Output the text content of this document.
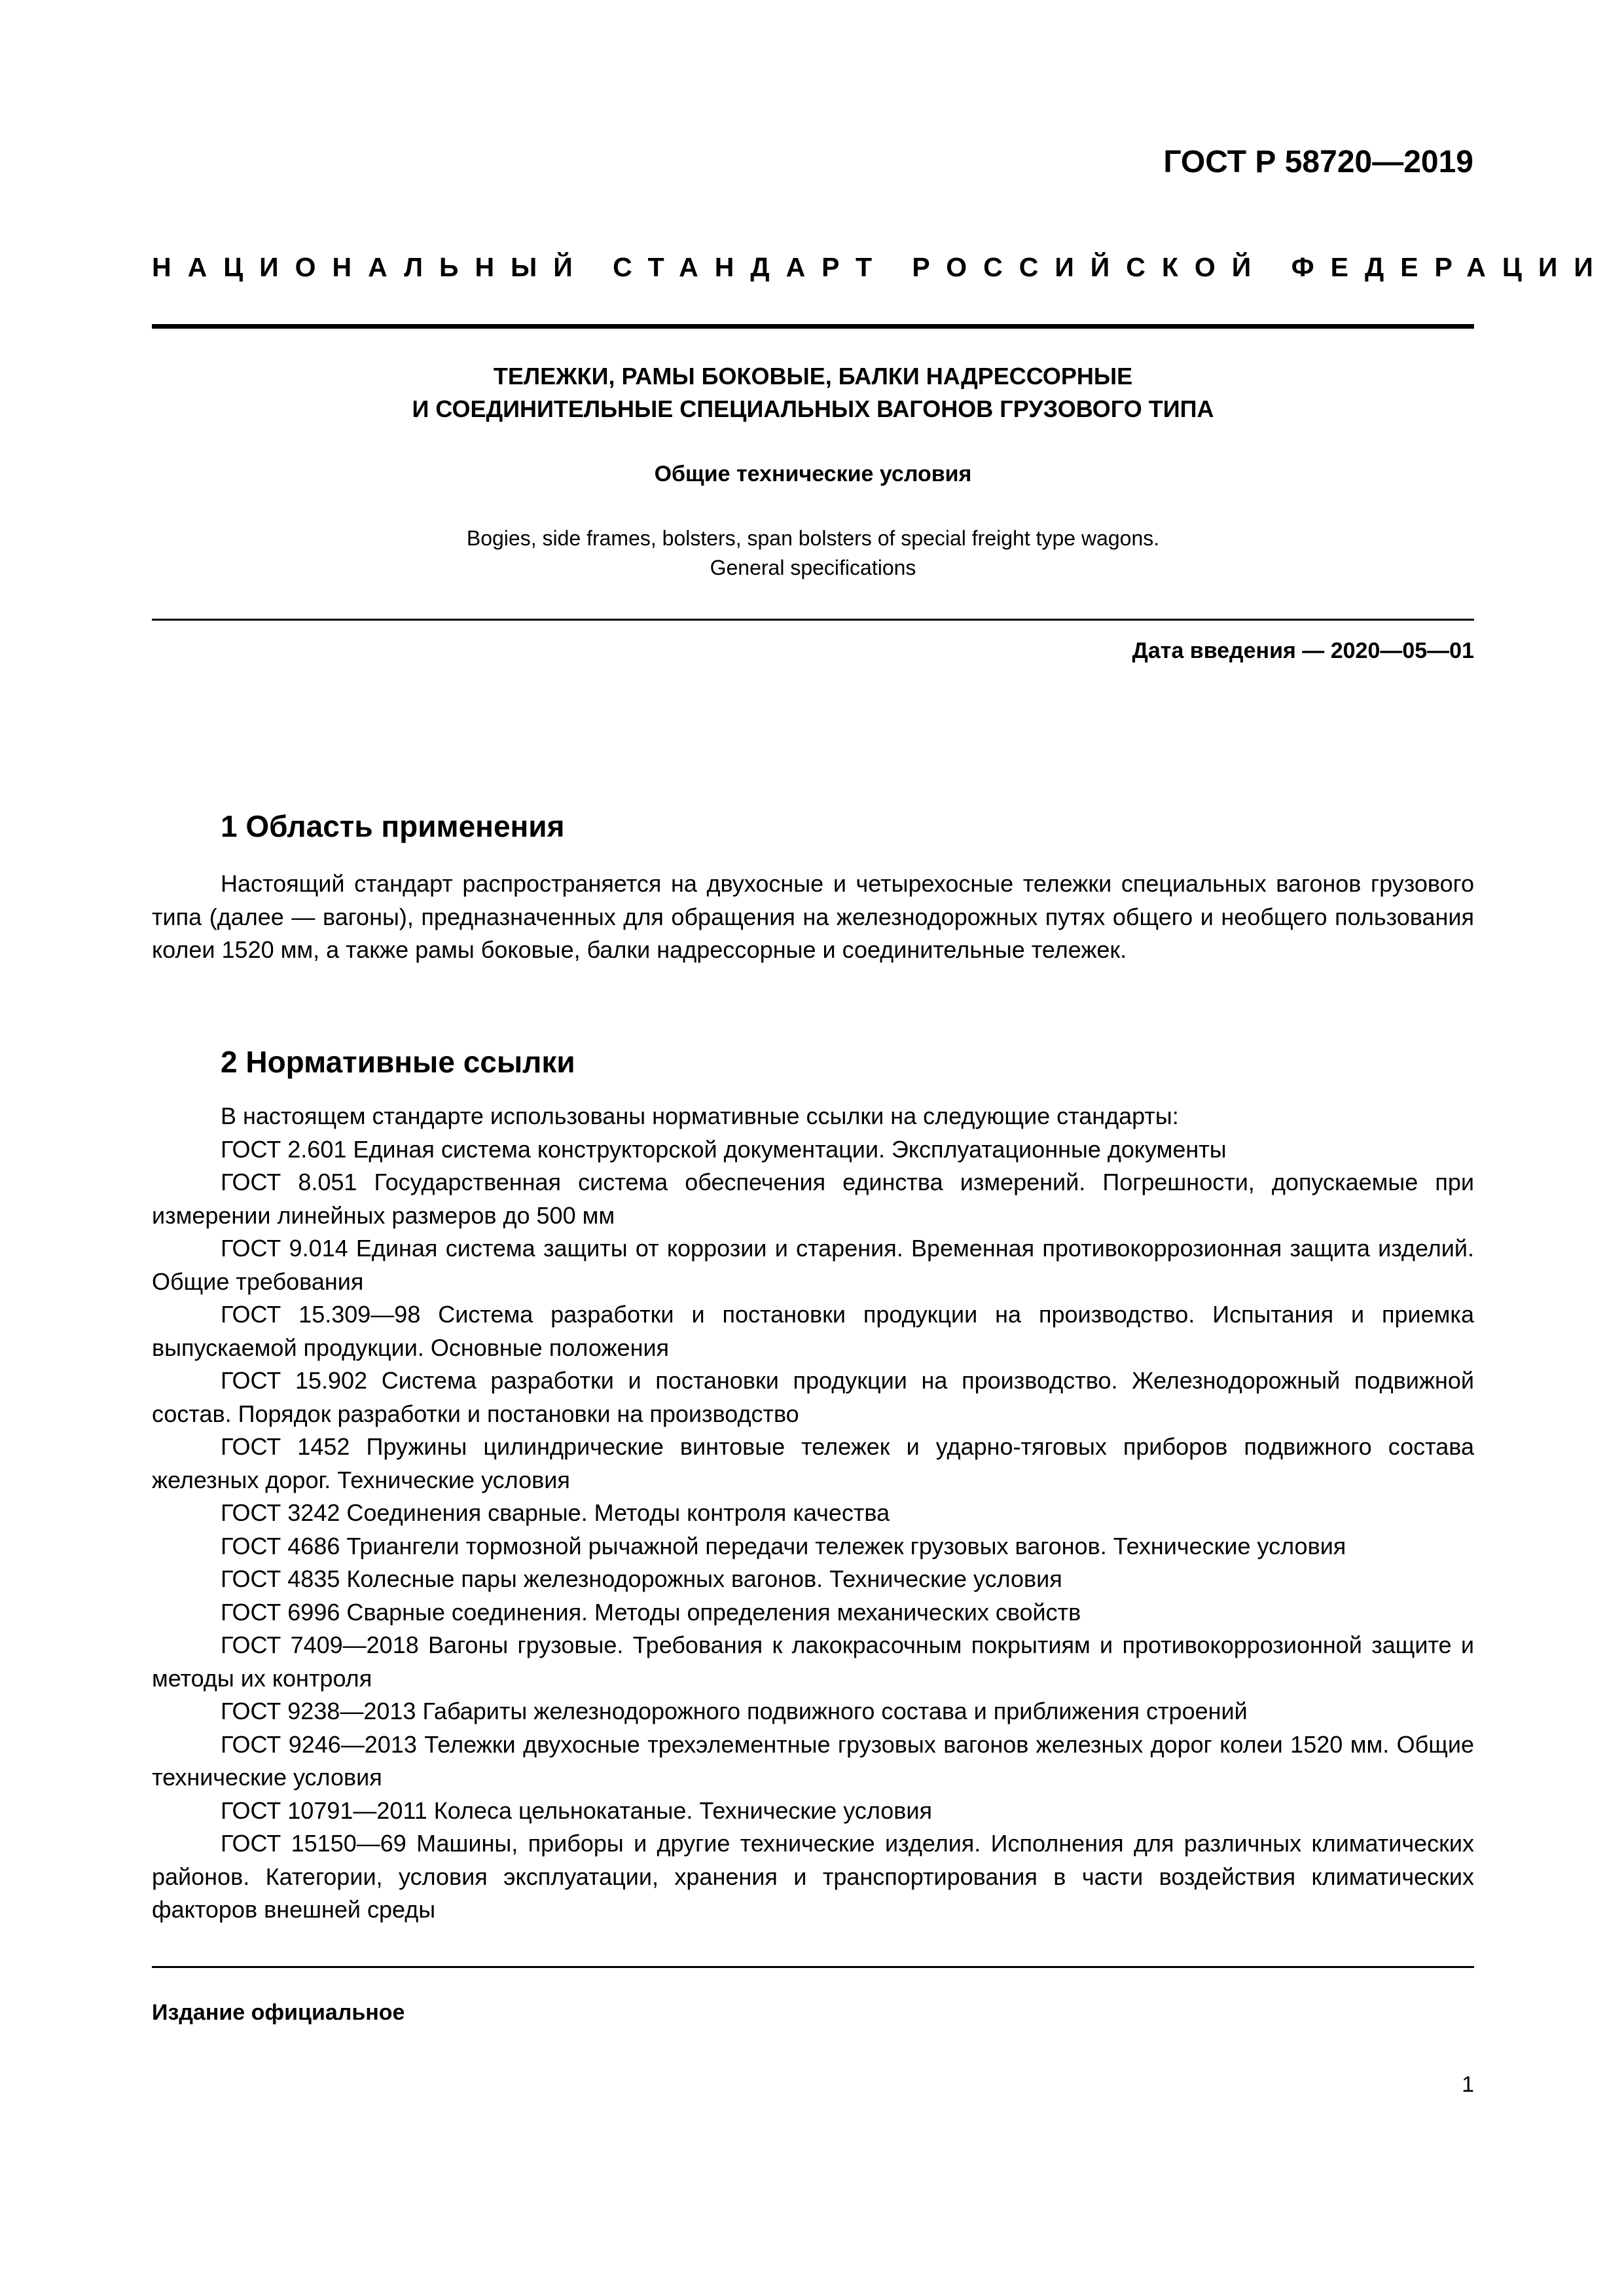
ГОСТ Р 58720—2019
НАЦИОНАЛЬНЫЙ СТАНДАРТ РОССИЙСКОЙ ФЕДЕРАЦИИ
ТЕЛЕЖКИ, РАМЫ БОКОВЫЕ, БАЛКИ НАДРЕССОРНЫЕ
И СОЕДИНИТЕЛЬНЫЕ СПЕЦИАЛЬНЫХ ВАГОНОВ ГРУЗОВОГО ТИПА
Общие технические условия
Bogies, side frames, bolsters, span bolsters of special freight type wagons.
General specifications
Дата введения — 2020—05—01
1 Область применения

Настоящий стандарт распространяется на двухосные и четырехосные тележки специальных вагонов грузового типа (далее — вагоны), предназначенных для обращения на железнодорожных путях общего и необщего пользования колеи 1520 мм, а также рамы боковые, балки надрессорные и соединительные тележек.

2 Нормативные ссылки

В настоящем стандарте использованы нормативные ссылки на следующие стандарты:

ГОСТ 2.601 Единая система конструкторской документации. Эксплуатационные документы

ГОСТ 8.051 Государственная система обеспечения единства измерений. Погрешности, допускаемые при измерении линейных размеров до 500 мм

ГОСТ 9.014 Единая система защиты от коррозии и старения. Временная противокоррозионная защита изделий. Общие требования

ГОСТ 15.309—98 Система разработки и постановки продукции на производство. Испытания и приемка выпускаемой продукции. Основные положения

ГОСТ 15.902 Система разработки и постановки продукции на производство. Железнодорожный подвижной состав. Порядок разработки и постановки на производство

ГОСТ 1452 Пружины цилиндрические винтовые тележек и ударно-тяговых приборов подвижного состава железных дорог. Технические условия

ГОСТ 3242 Соединения сварные. Методы контроля качества

ГОСТ 4686 Триангели тормозной рычажной передачи тележек грузовых вагонов. Технические условия

ГОСТ 4835 Колесные пары железнодорожных вагонов. Технические условия

ГОСТ 6996 Сварные соединения. Методы определения механических свойств

ГОСТ 7409—2018 Вагоны грузовые. Требования к лакокрасочным покрытиям и противокоррозионной защите и методы их контроля

ГОСТ 9238—2013 Габариты железнодорожного подвижного состава и приближения строений

ГОСТ 9246—2013 Тележки двухосные трехэлементные грузовых вагонов железных дорог колеи 1520 мм. Общие технические условия

ГОСТ 10791—2011 Колеса цельнокатаные. Технические условия

ГОСТ 15150—69 Машины, приборы и другие технические изделия. Исполнения для различных климатических районов. Категории, условия эксплуатации, хранения и транспортирования в части воздействия климатических факторов внешней среды

Издание официальное
1
